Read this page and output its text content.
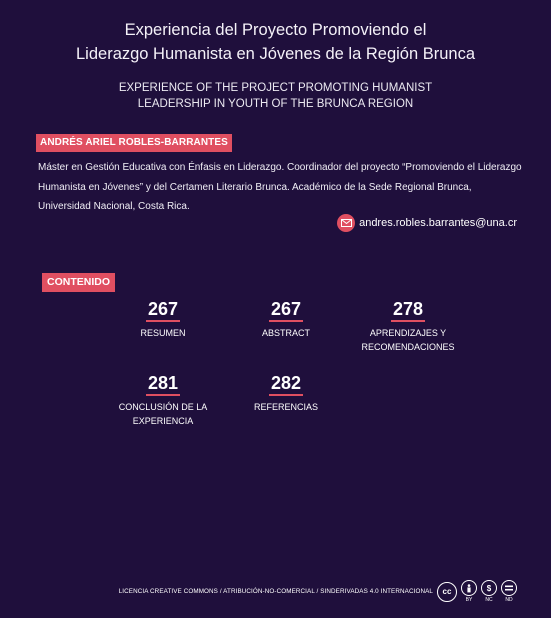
Experiencia del Proyecto Promoviendo el
Liderazgo Humanista en Jóvenes de la Región Brunca
EXPERIENCE OF THE PROJECT PROMOTING HUMANIST
LEADERSHIP IN YOUTH OF THE BRUNCA REGION
ANDRÉS ARIEL ROBLES-BARRANTES
Máster en Gestión Educativa con Énfasis en Liderazgo. Coordinador del proyecto “Promoviendo el Liderazgo Humanista en Jóvenes” y del Certamen Literario Brunca. Académico de la Sede Regional Brunca, Universidad Nacional, Costa Rica.
andres.robles.barrantes@una.cr
CONTENIDO
267
RESUMEN
267
ABSTRACT
278
APRENDIZAJES Y RECOMENDACIONES
281
CONCLUSIÓN DE LA EXPERIENCIA
282
REFERENCIAS
LICENCIA CREATIVE COMMONS / ATRIBUCIÓN-NO-COMERCIAL / SINDERIVADAS 4.0 INTERNACIONAL cc
BY
$
NC	ND
